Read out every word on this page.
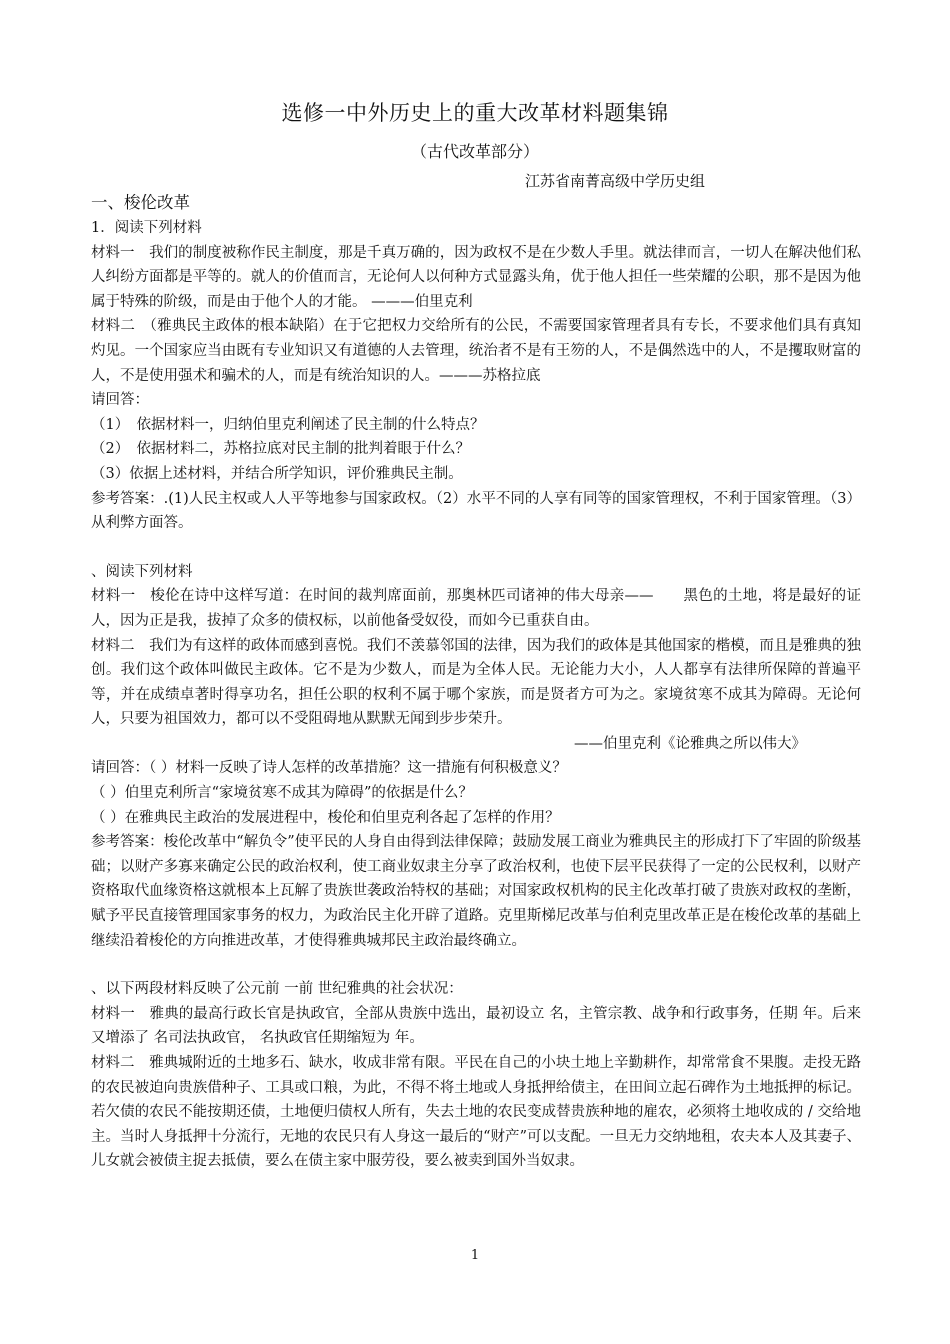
选修一中外历史上的重大改革材料题集锦
（古代改革部分）
江苏省南菁高级中学历史组

一、梭伦改革

1．阅读下列材料

材料一　我们的制度被称作民主制度，那是千真万确的，因为政权不是在少数人手里。就法律而言，一切人在解决他们私人纠纷方面都是平等的。就人的价值而言，无论何人以何种方式显露头角，优于他人担任一些荣耀的公职，那不是因为他属于特殊的阶级，而是由于他个人的才能。 ———伯里克利

材料二　（雅典民主政体的根本缺陷）在于它把权力交给所有的公民，不需要国家管理者具有专长，不要求他们具有真知灼见。一个国家应当由既有专业知识又有道德的人去管理，统治者不是有王笏的人，不是偶然选中的人，不是攫取财富的人，不是使用强术和骗术的人，而是有统治知识的人。———苏格拉底

请回答：

（1）　依据材料一，归纳伯里克利阐述了民主制的什么特点？

（2）　依据材料二，苏格拉底对民主制的批判着眼于什么？

（3）依据上述材料，并结合所学知识，评价雅典民主制。

参考答案：.(1)人民主权或人人平等地参与国家政权。（2）水平不同的人享有同等的国家管理权，不利于国家管理。（3）从利弊方面答。

、阅读下列材料

材料一　梭伦在诗中这样写道：在时间的裁判席面前，那奥林匹司诸神的伟大母亲——　　黑色的土地，将是最好的证人，因为正是我，拔掉了众多的债权标，以前他备受奴役，而如今已重获自由。

材料二　我们为有这样的政体而感到喜悦。我们不羡慕邻国的法律，因为我们的政体是其他国家的楷模，而且是雅典的独创。我们这个政体叫做民主政体。它不是为少数人，而是为全体人民。无论能力大小，人人都享有法律所保障的普遍平等，并在成绩卓著时得享功名，担任公职的权利不属于哪个家族，而是贤者方可为之。家境贫寒不成其为障碍。无论何人，只要为祖国效力，都可以不受阻碍地从默默无闻到步步荣升。

——伯里克利《论雅典之所以伟大》

请回答：（ ）材料一反映了诗人怎样的改革措施？这一措施有何积极意义？

（ ）伯里克利所言“家境贫寒不成其为障碍”的依据是什么？

（ ）在雅典民主政治的发展进程中，梭伦和伯里克利各起了怎样的作用？

参考答案：梭伦改革中“解负令”使平民的人身自由得到法律保障；鼓励发展工商业为雅典民主的形成打下了牢固的阶级基础；以财产多寡来确定公民的政治权利，使工商业奴隶主分享了政治权利，也使下层平民获得了一定的公民权利，以财产资格取代血缘资格这就根本上瓦解了贵族世袭政治特权的基础；对国家政权机构的民主化改革打破了贵族对政权的垄断，赋予平民直接管理国家事务的权力，为政治民主化开辟了道路。克里斯梯尼改革与伯利克里改革正是在梭伦改革的基础上继续沿着梭伦的方向推进改革，才使得雅典城邦民主政治最终确立。

、以下两段材料反映了公元前 一前 世纪雅典的社会状况：

材料一　雅典的最高行政长官是执政官，全部从贵族中选出，最初设立 名，主管宗教、战争和行政事务，任期 年。后来又增添了 名司法执政官， 名执政官任期缩短为 年。

材料二　雅典城附近的土地多石、缺水，收成非常有限。平民在自己的小块土地上辛勤耕作，却常常食不果腹。走投无路的农民被迫向贵族借种子、工具或口粮，为此，不得不将土地或人身抵押给债主，在田间立起石碑作为土地抵押的标记。若欠债的农民不能按期还债，土地便归债权人所有，失去土地的农民变成替贵族种地的雇农，必须将土地收成的 / 交给地主。当时人身抵押十分流行，无地的农民只有人身这一最后的“财产”可以支配。一旦无力交纳地租，农夫本人及其妻子、儿女就会被债主捉去抵债，要么在债主家中服劳役，要么被卖到国外当奴隶。

1
